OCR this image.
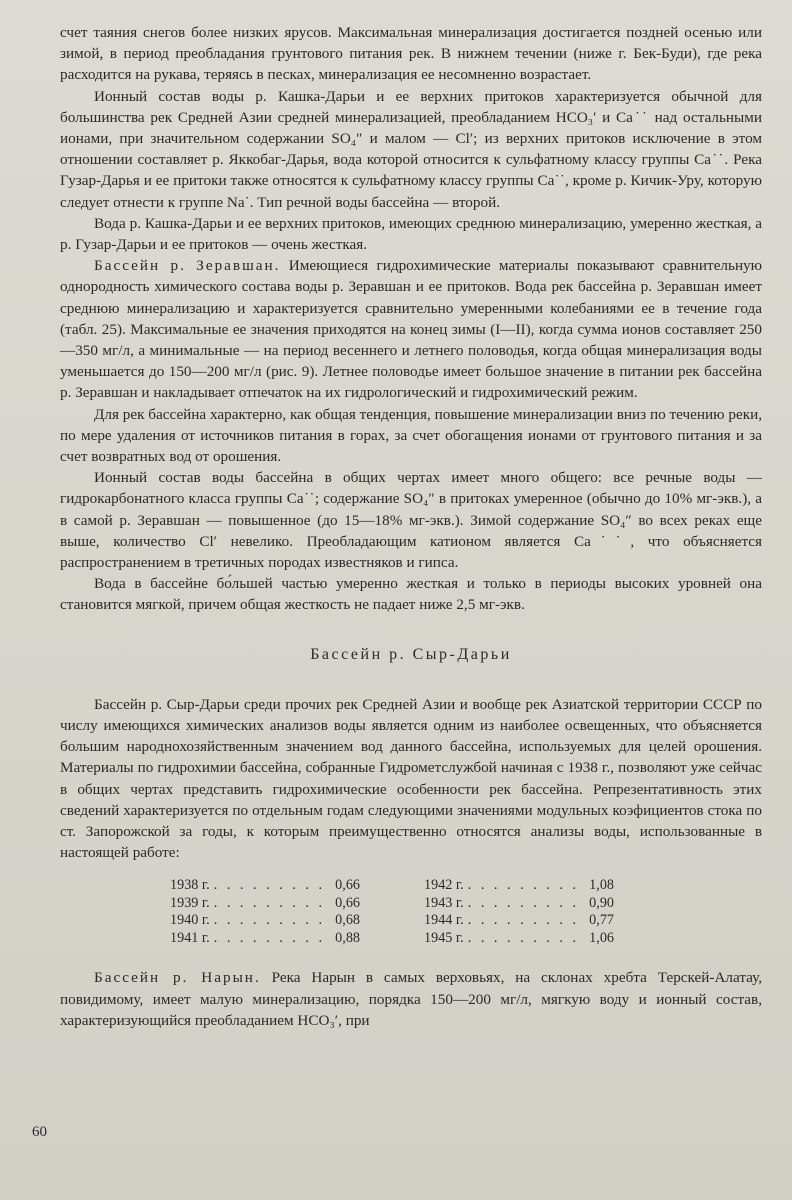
счет таяния снегов более низких ярусов. Максимальная минерализация достигается поздней осенью или зимой, в период преобладания грунтового питания рек. В нижнем течении (ниже г. Бек-Буди), где река расходится на рукава, теряясь в песках, минерализация ее несомненно возрастает.

Ионный состав воды р. Кашка-Дарьи и ее верхних притоков характеризуется обычной для большинства рек Средней Азии средней минерализацией, преобладанием HCO₃′ и Ca˙˙ над остальными ионами, при значительном содержании SO₄″ и малом — Cl′; из верхних притоков исключение в этом отношении составляет р. Яккобаг-Дарья, вода которой относится к сульфатному классу группы Ca˙˙. Река Гузар-Дарья и ее притоки также относятся к сульфатному классу группы Ca˙˙, кроме р. Кичик-Уру, которую следует отнести к группе Na˙. Тип речной воды бассейна — второй.

Вода р. Кашка-Дарьи и ее верхних притоков, имеющих среднюю минерализацию, умеренно жесткая, а р. Гузар-Дарьи и ее притоков — очень жесткая.

Бассейн р. Зеравшан. Имеющиеся гидрохимические материалы показывают сравнительную однородность химического состава воды р. Зеравшан и ее притоков. Вода рек бассейна р. Зеравшан имеет среднюю минерализацию и характеризуется сравнительно умеренными колебаниями ее в течение года (табл. 25). Максимальные ее значения приходятся на конец зимы (I—II), когда сумма ионов составляет 250—350 мг/л, а минимальные — на период весеннего и летнего половодья, когда общая минерализация воды уменьшается до 150—200 мг/л (рис. 9). Летнее половодье имеет большое значение в питании рек бассейна р. Зеравшан и накладывает отпечаток на их гидрологический и гидрохимический режим.

Для рек бассейна характерно, как общая тенденция, повышение минерализации вниз по течению реки, по мере удаления от источников питания в горах, за счет обогащения ионами от грунтового питания и за счет возвратных вод от орошения.

Ионный состав воды бассейна в общих чертах имеет много общего: все речные воды — гидрокарбонатного класса группы Ca˙˙; содержание SO₄″ в притоках умеренное (обычно до 10% мг-экв.), а в самой р. Зеравшан — повышенное (до 15—18% мг-экв.). Зимой содержание SO₄″ во всех реках еще выше, количество Cl′ невелико. Преобладающим катионом является Ca˙˙, что объясняется распространением в третичных породах известняков и гипса.

Вода в бассейне бо́льшей частью умеренно жесткая и только в периоды высоких уровней она становится мягкой, причем общая жесткость не падает ниже 2,5 мг-экв.

Бассейн р. Сыр-Дарьи

Бассейн р. Сыр-Дарьи среди прочих рек Средней Азии и вообще рек Азиатской территории СССР по числу имеющихся химических анализов воды является одним из наиболее освещенных, что объясняется большим народнохозяйственным значением вод данного бассейна, используемых для целей орошения. Материалы по гидрохимии бассейна, собранные Гидрометслужбой начиная с 1938 г., позволяют уже сейчас в общих чертах представить гидрохимические особенности рек бассейна. Репрезентативность этих сведений характеризуется по отдельным годам следующими значениями модульных коэфициентов стока по ст. Запорожской за годы, к которым преимущественно относятся анализы воды, использованные в настоящей работе:

1938 г. . . . . . . . . . 0,66
1939 г. . . . . . . . . . 0,66
1940 г. . . . . . . . . . 0,68
1941 г. . . . . . . . . . 0,88
1942 г. . . . . . . . . . 1,08
1943 г. . . . . . . . . . 0,90
1944 г. . . . . . . . . . 0,77
1945 г. . . . . . . . . . 1,06

Бассейн р. Нарын. Река Нарын в самых верховьях, на склонах хребта Терскей-Алатау, повидимому, имеет малую минерализацию, порядка 150—200 мг/л, мягкую воду и ионный состав, характеризующийся преобладанием HCO₃′, при

60
